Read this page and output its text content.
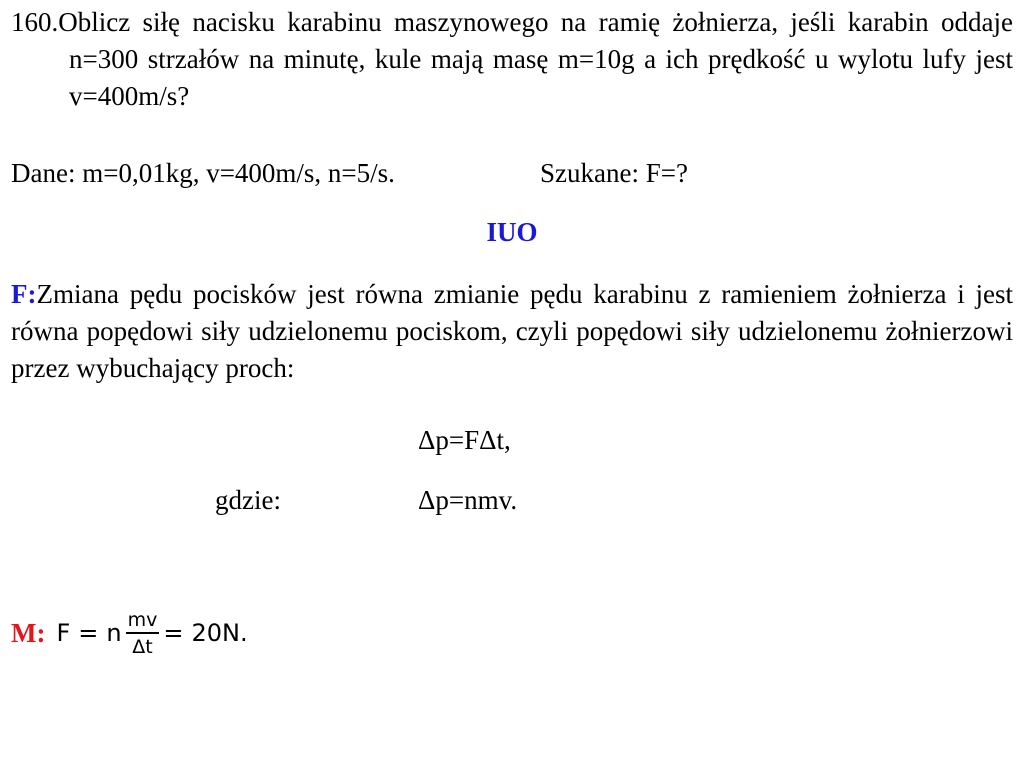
160.Oblicz siłę nacisku karabinu maszynowego na ramię żołnierza, jeśli karabin oddaje n=300 strzałów na minutę, kule mają masę m=10g a ich prędkość u wylotu lufy jest v=400m/s?

Dane: m=0,01kg, v=400m/s, n=5/s.	Szukane: F=?
IUO

F:Zmiana pędu pocisków jest równa zmianie pędu karabinu z ramieniem żołnierza i jest równa popędowi siły udzielonemu pociskom, czyli popędowi siły udzielonemu żołnierzowi przez wybuchający proch:

Δp=FΔt,
gdzie:	Δp=nmv.
M: F = n $\frac{mv}{\Delta t} = 20N$.
